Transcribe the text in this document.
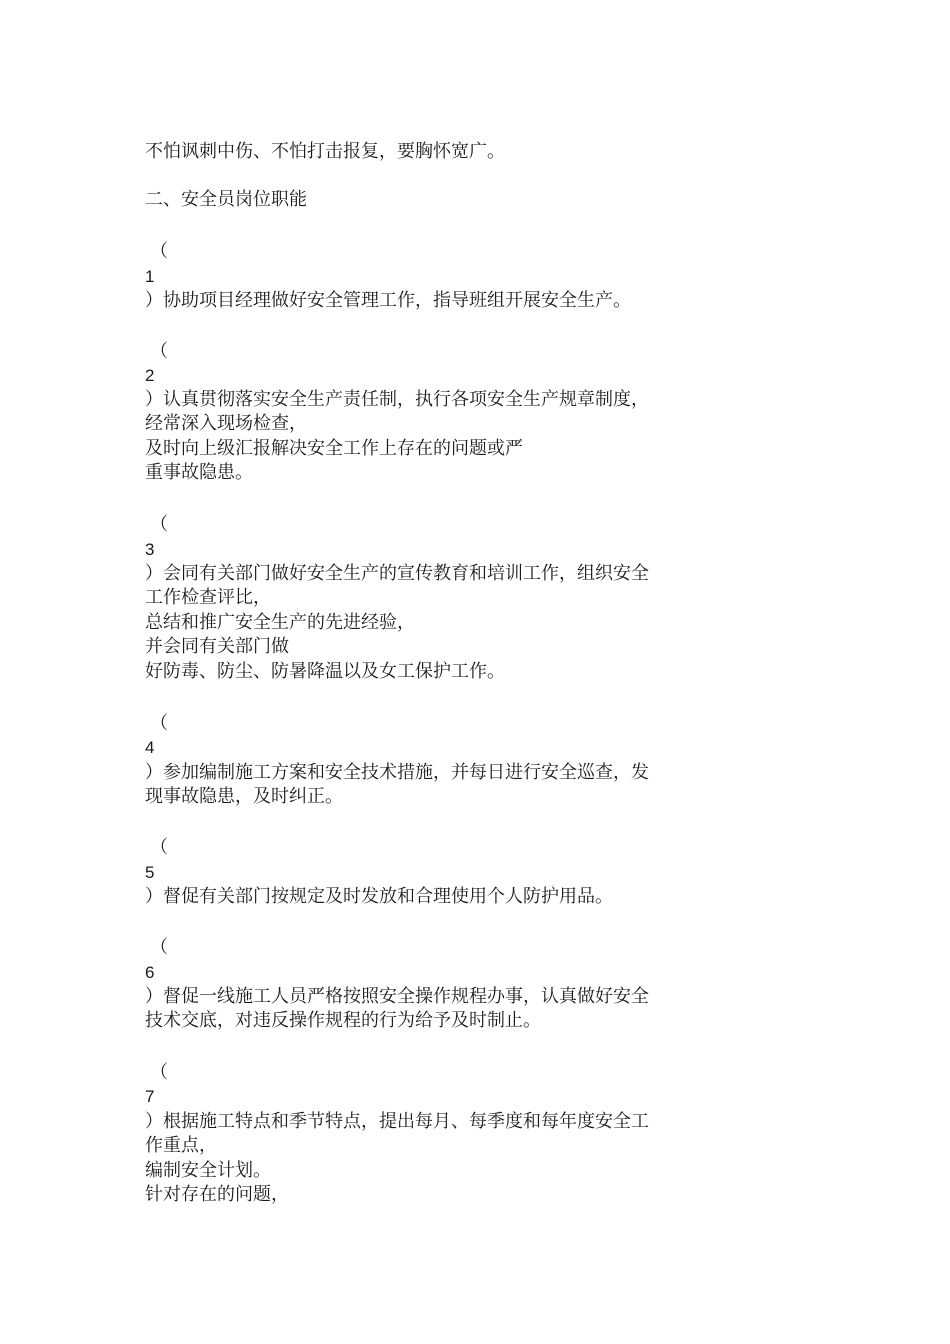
不怕讽刺中伤、不怕打击报复，要胸怀宽广。
二、安全员岗位职能
（
1
）协助项目经理做好安全管理工作，指导班组开展安全生产。
（
2
）认真贯彻落实安全生产责任制，执行各项安全生产规章制度，
经常深入现场检查，
及时向上级汇报解决安全工作上存在的问题或严
重事故隐患。
（
3
）会同有关部门做好安全生产的宣传教育和培训工作，组织安全
工作检查评比，
总结和推广安全生产的先进经验，
并会同有关部门做
好防毒、防尘、防暑降温以及女工保护工作。
（
4
）参加编制施工方案和安全技术措施，并每日进行安全巡查，发
现事故隐患，及时纠正。
（
5
）督促有关部门按规定及时发放和合理使用个人防护用品。
（
6
）督促一线施工人员严格按照安全操作规程办事，认真做好安全
技术交底，对违反操作规程的行为给予及时制止。
（
7
）根据施工特点和季节特点，提出每月、每季度和每年度安全工
作重点，
编制安全计划。
针对存在的问题，
